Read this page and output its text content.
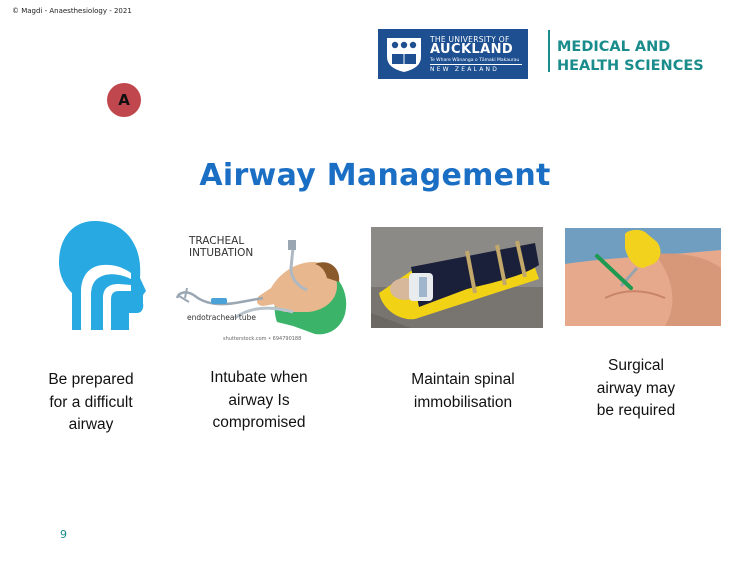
© Magdi - Anaesthesiology - 2021
THE UNIVERSITY OF
AUCKLAND
Te Whare Wānanga o Tāmaki Makaurau
NEW ZEALAND
MEDICAL AND
HEALTH SCIENCES
A
Airway Management
TRACHEAL
INTUBATION
endotracheal tube
shutterstock.com • 694790188
Be prepared
for a difficult
airway
Intubate when
airway Is
compromised
Maintain spinal
immobilisation
Surgical
airway may
be required
9
